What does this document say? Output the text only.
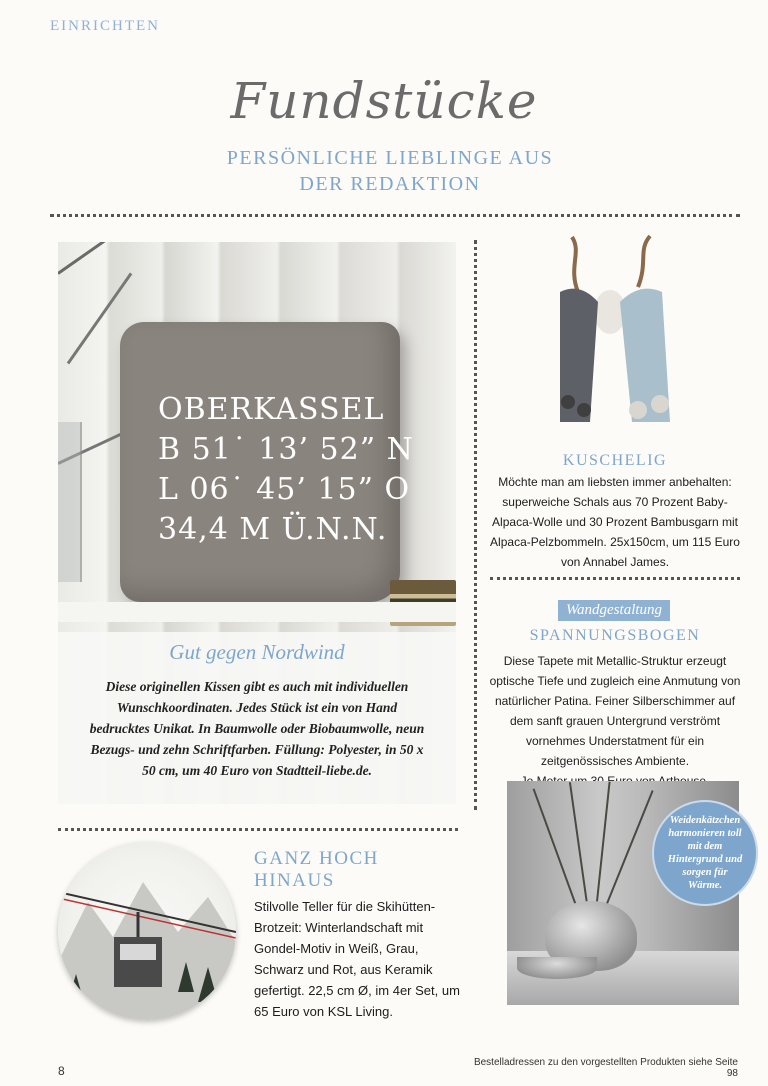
EINRICHTEN
Fundstücke
PERSÖNLICHE LIEBLINGE AUS
DER REDAKTION
OBERKASSEL
B 51˙ 13’ 52” N
L 06˙ 45’ 15” O
34,4 M Ü.N.N.
Gut gegen Nordwind
Diese originellen Kissen gibt es auch mit individuellen Wunschkoordinaten. Jedes Stück ist ein von Hand bedrucktes Unikat. In Baumwolle oder Biobaumwolle, neun Bezugs- und zehn Schriftfarben. Füllung: Polyester, in 50 x 50 cm, um 40 Euro von Stadtteil-liebe.de.
KUSCHELIG
Möchte man am liebsten immer anbehalten: superweiche Schals aus 70 Prozent Baby-Alpaca-Wolle und 30 Prozent Bambusgarn mit Alpaca-Pelzbommeln. 25x150cm, um 115 Euro von Annabel James.
Wandgestaltung
SPANNUNGSBOGEN
Diese Tapete mit Metallic-Struktur erzeugt optische Tiefe und zugleich eine Anmutung von natürlicher Patina. Feiner Silberschimmer auf dem sanft grauen Untergrund verströmt vornehmes Understatment für ein zeitgenössisches Ambiente.
Weidenkätzchen harmonieren toll mit dem Hintergrund und sorgen für Wärme.
GANZ HOCH
HINAUS
Stilvolle Teller für die Skihütten-Brotzeit: Winterlandschaft mit Gondel-Motiv in Weiß, Grau, Schwarz und Rot, aus Keramik gefertigt. 22,5 cm Ø, im 4er Set, um 65 Euro von KSL Living.
8
Bestelladressen zu den vorgestellten Produkten siehe Seite 98
